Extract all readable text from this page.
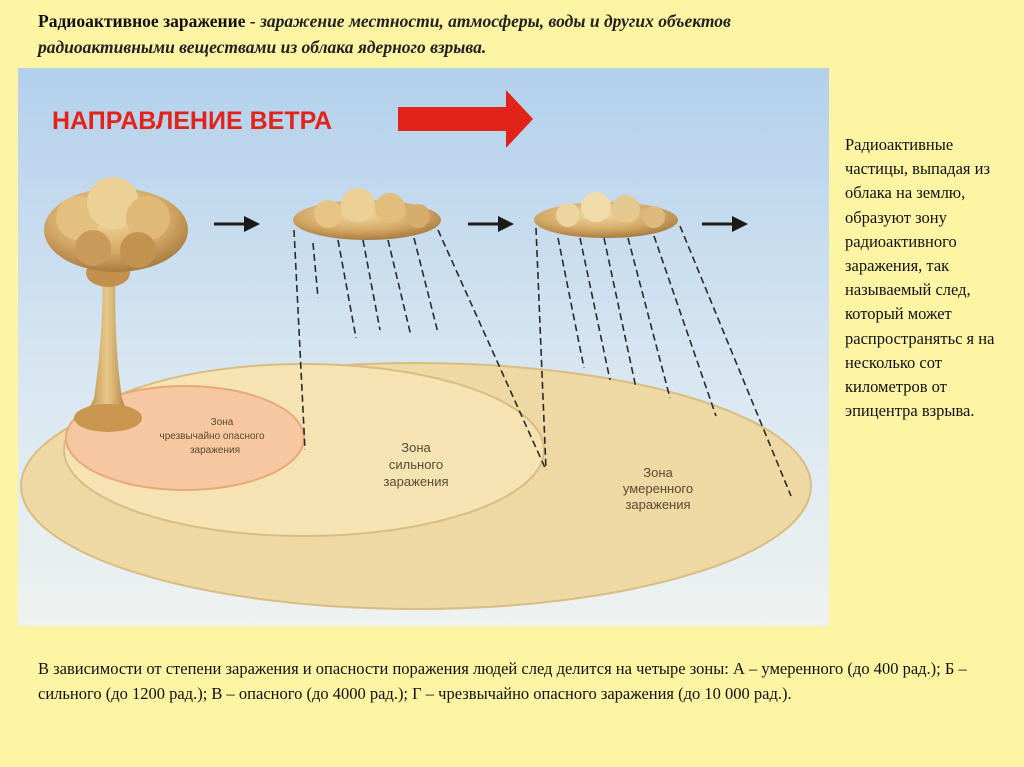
Радиоактивное заражение - заражение местности, атмосферы, воды и других объектов
радиоактивными веществами из облака ядерного взрыва.
НАПРАВЛЕНИЕ ВЕТРА
Зона
чрезвычайно опасного
заражения	Зона
сильного
заражения
Зона
умеренного
заражения
Радиоактивные частицы, выпадая из облака на землю, образуют зону радиоактивного заражения, так называемый след, который может распространятьс я на несколько сот километров от эпицентра взрыва.
В зависимости от степени заражения и опасности поражения людей след делится на четыре зоны: А – умеренного (до 400 рад.); Б – сильного (до 1200 рад.); В – опасного (до 4000 рад.); Г – чрезвычайно опасного заражения (до 10 000 рад.).
